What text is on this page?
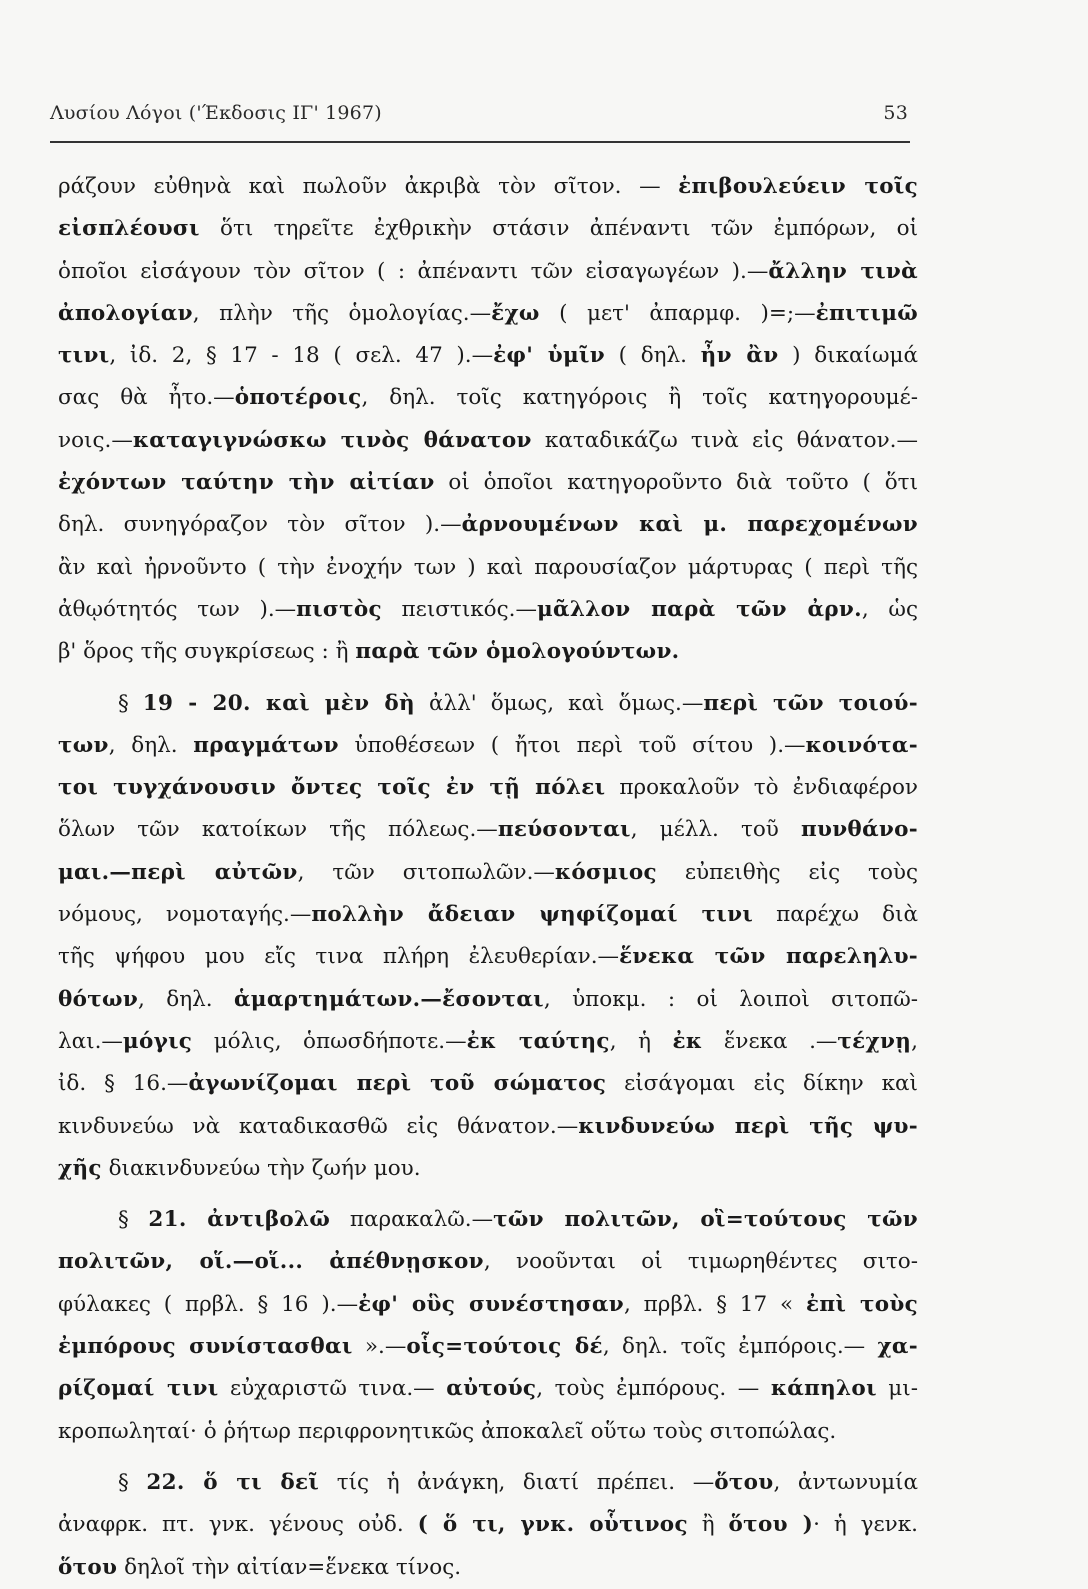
Λυσίου Λόγοι ('Έκδοσις ΙΓ' 1967)	53
ράζουν εὐθηνὰ καὶ πωλοῦν ἀκριβὰ τὸν σῖτον. — ἐπιβουλεύειν τοῖς
εἰσπλέουσι ὅτι τηρεῖτε ἐχθρικὴν στάσιν ἀπέναντι τῶν ἐμπόρων, οἱ
ὁποῖοι εἰσάγουν τὸν σῖτον ( : ἀπέναντι τῶν εἰσαγωγέων ).—ἄλλην τινὰ
ἀπολογίαν, πλὴν τῆς ὁμολογίας.—ἔχω ( μετ' ἀπαρμφ. )=;—ἐπιτιμῶ
τινι, ἰδ. 2, § 17 - 18 ( σελ. 47 ).—ἐφ' ὑμῖν ( δηλ. ἦν ἂν ) δικαίωμά
σας θὰ ἦτο.—ὁποτέροις, δηλ. τοῖς κατηγόροις ἢ τοῖς κατηγορουμέ-
νοις.—καταγιγνώσκω τινὸς θάνατον καταδικάζω τινὰ εἰς θάνατον.—
ἐχόντων ταύτην τὴν αἰτίαν οἱ ὁποῖοι κατηγοροῦντο διὰ τοῦτο ( ὅτι
δηλ. συνηγόραζον τὸν σῖτον ).—ἀρνουμένων καὶ μ. παρεχομένων
ἂν καὶ ἠρνοῦντο ( τὴν ἐνοχήν των ) καὶ παρουσίαζον μάρτυρας ( περὶ τῆς
ἀθῳότητός των ).—πιστὸς πειστικός.—μᾶλλον παρὰ τῶν ἀρν., ὡς
β' ὅρος τῆς συγκρίσεως : ἢ παρὰ τῶν ὁμολογούντων.
§ 19 - 20. καὶ μὲν δὴ ἀλλ' ὅμως, καὶ ὅμως.—περὶ τῶν τοιού-
των, δηλ. πραγμάτων ὑποθέσεων ( ἤτοι περὶ τοῦ σίτου ).—κοινότα-
τοι τυγχάνουσιν ὄντες τοῖς ἐν τῇ πόλει προκαλοῦν τὸ ἐνδιαφέρον
ὅλων τῶν κατοίκων τῆς πόλεως.—πεύσονται, μέλλ. τοῦ πυνθάνο-
μαι.—περὶ αὐτῶν, τῶν σιτοπωλῶν.—κόσμιος εὐπειθὴς εἰς τοὺς
νόμους, νομοταγής.—πολλὴν ἄδειαν ψηφίζομαί τινι παρέχω διὰ
τῆς ψήφου μου εἴς τινα πλήρη ἐλευθερίαν.—ἕνεκα τῶν παρεληλυ-
θότων, δηλ. ἁμαρτημάτων.—ἔσονται, ὑποκμ. : οἱ λοιποὶ σιτοπῶ-
λαι.—μόγις μόλις, ὁπωσδήποτε.—ἐκ ταύτης, ἡ ἐκ ἕνεκα .—τέχνῃ,
ἰδ. § 16.—ἀγωνίζομαι περὶ τοῦ σώματος εἰσάγομαι εἰς δίκην καὶ
κινδυνεύω νὰ καταδικασθῶ εἰς θάνατον.—κινδυνεύω περὶ τῆς ψυ-
χῆς διακινδυνεύω τὴν ζωήν μου.
§ 21. ἀντιβολῶ παρακαλῶ.—τῶν πολιτῶν, οἳ=τούτους τῶν
πολιτῶν, οἵ.—οἵ... ἀπέθνῃσκον, νοοῦνται οἱ τιμωρηθέντες σιτο-
φύλακες ( πρβλ. § 16 ).—ἐφ' οὓς συνέστησαν, πρβλ. § 17 « ἐπὶ τοὺς
ἐμπόρους συνίστασθαι ».—οἷς=τούτοις δέ, δηλ. τοῖς ἐμπόροις.— χα-
ρίζομαί τινι εὐχαριστῶ τινα.— αὐτούς, τοὺς ἐμπόρους. — κάπηλοι μι-
κροπωληταί· ὁ ῥήτωρ περιφρονητικῶς ἀποκαλεῖ οὕτω τοὺς σιτοπώλας.
§ 22. ὅ τι δεῖ τίς ἡ ἀνάγκη, διατί πρέπει. —ὅτου, ἀντωνυμία
ἀναφρκ. πτ. γνκ. γένους οὐδ. ( ὅ τι, γνκ. οὗτινος ἢ ὅτου )· ἡ γενκ.
ὅτου δηλοῖ τὴν αἰτίαν=ἕνεκα τίνος.
